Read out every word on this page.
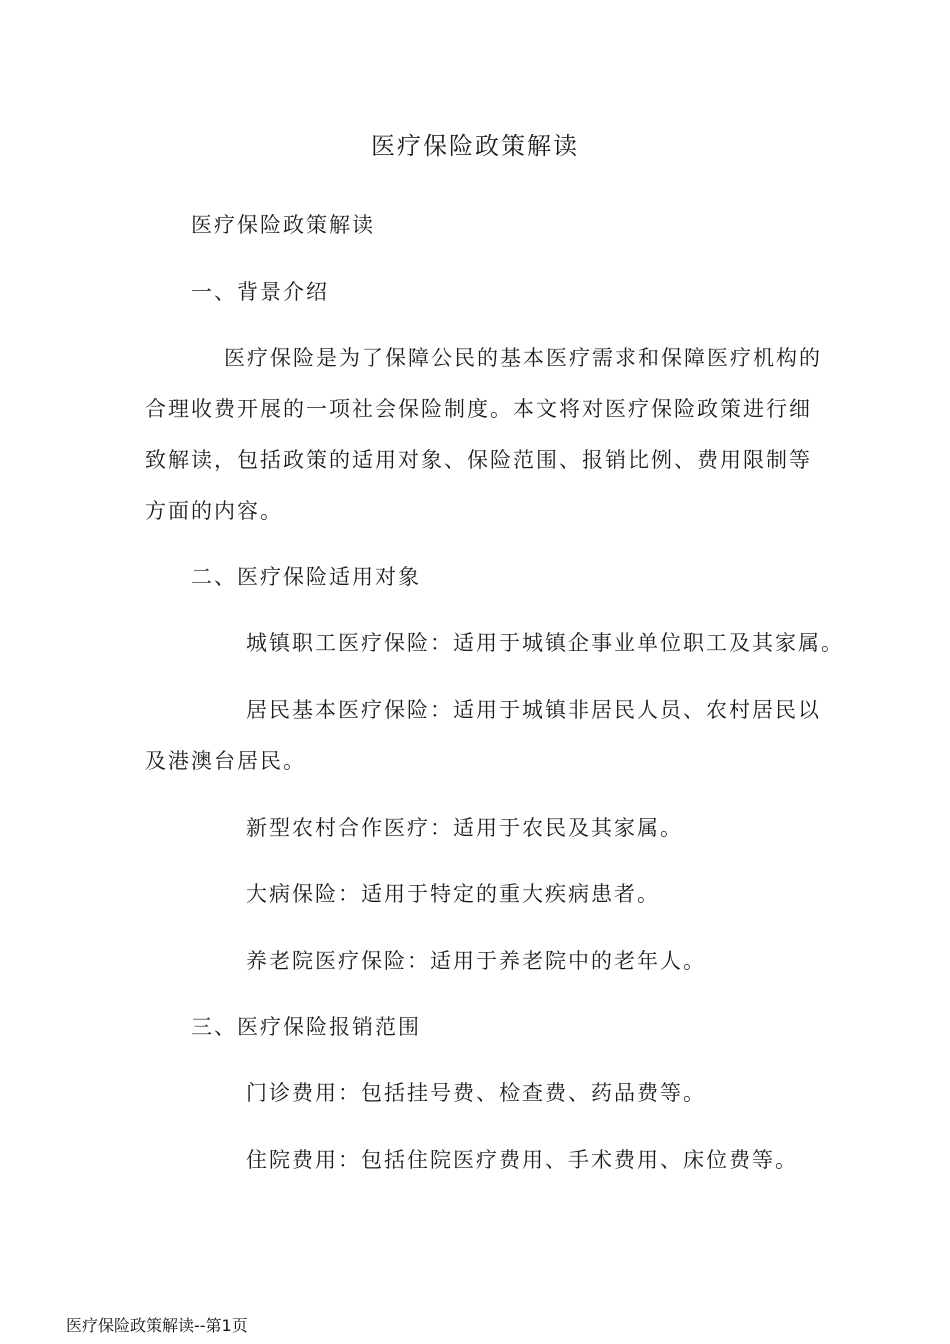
医疗保险政策解读
医疗保险政策解读
一、背景介绍
医疗保险是为了保障公民的基本医疗需求和保障医疗机构的
合理收费开展的一项社会保险制度。本文将对医疗保险政策进行细
致解读，包括政策的适用对象、保险范围、报销比例、费用限制等
方面的内容。
二、医疗保险适用对象
城镇职工医疗保险：适用于城镇企事业单位职工及其家属。
居民基本医疗保险：适用于城镇非居民人员、农村居民以
及港澳台居民。
新型农村合作医疗：适用于农民及其家属。
大病保险：适用于特定的重大疾病患者。
养老院医疗保险：适用于养老院中的老年人。
三、医疗保险报销范围
门诊费用：包括挂号费、检查费、药品费等。
住院费用：包括住院医疗费用、手术费用、床位费等。
医疗保险政策解读--第1页
